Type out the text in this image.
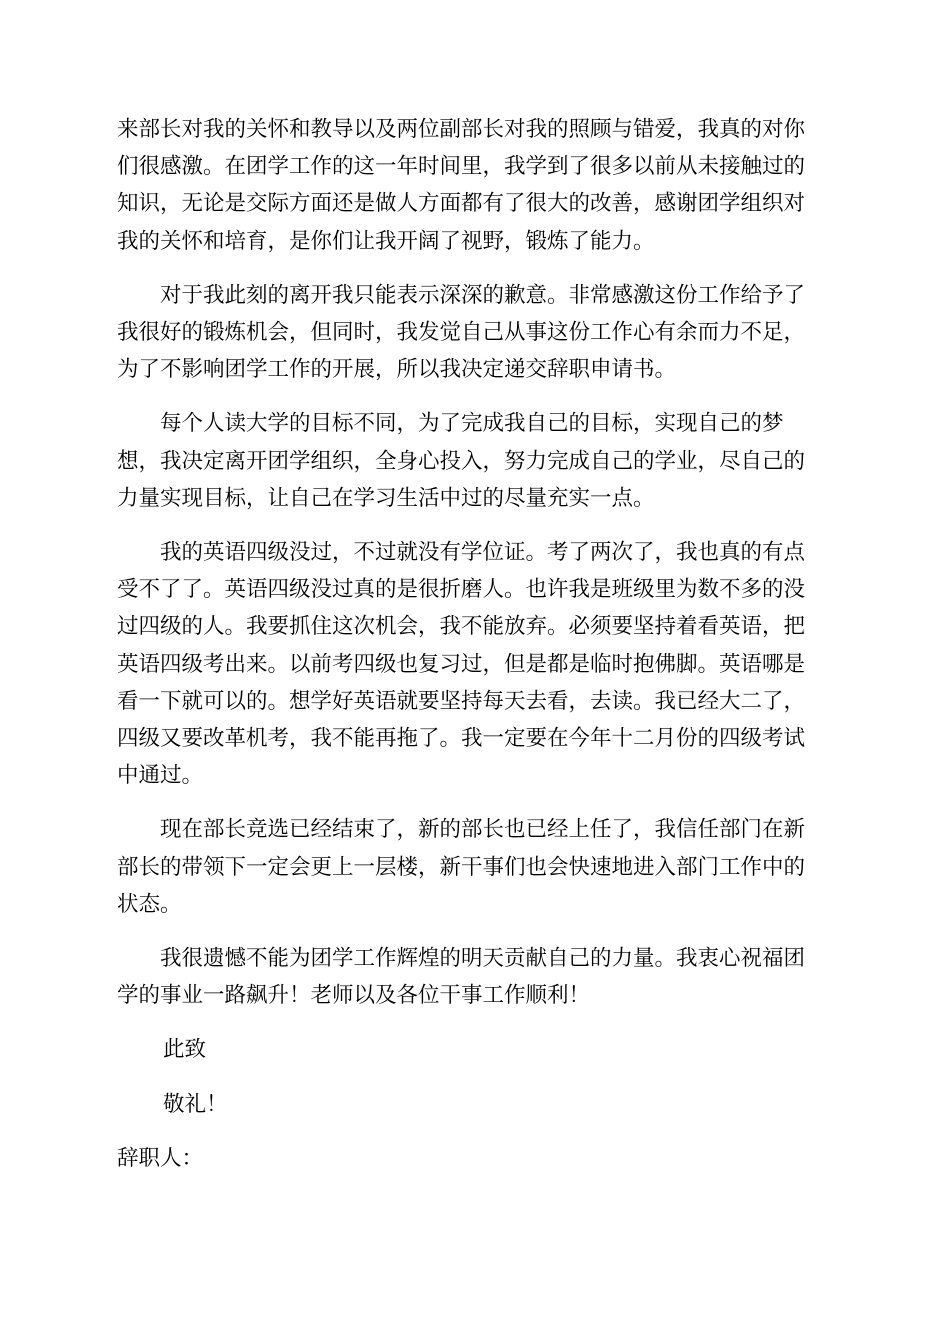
来部长对我的关怀和教导以及两位副部长对我的照顾与错爱，我真的对你
们很感激。在团学工作的这一年时间里，我学到了很多以前从未接触过的
知识，无论是交际方面还是做人方面都有了很大的改善，感谢团学组织对
我的关怀和培育，是你们让我开阔了视野，锻炼了能力。
对于我此刻的离开我只能表示深深的歉意。非常感激这份工作给予了
我很好的锻炼机会，但同时，我发觉自己从事这份工作心有余而力不足，
为了不影响团学工作的开展，所以我决定递交辞职申请书。
每个人读大学的目标不同，为了完成我自己的目标，实现自己的梦
想，我决定离开团学组织，全身心投入，努力完成自己的学业，尽自己的
力量实现目标，让自己在学习生活中过的尽量充实一点。
我的英语四级没过，不过就没有学位证。考了两次了，我也真的有点
受不了了。英语四级没过真的是很折磨人。也许我是班级里为数不多的没
过四级的人。我要抓住这次机会，我不能放弃。必须要坚持着看英语，把
英语四级考出来。以前考四级也复习过，但是都是临时抱佛脚。英语哪是
看一下就可以的。想学好英语就要坚持每天去看，去读。我已经大二了，
四级又要改革机考，我不能再拖了。我一定要在今年十二月份的四级考试
中通过。
现在部长竞选已经结束了，新的部长也已经上任了，我信任部门在新
部长的带领下一定会更上一层楼，新干事们也会快速地进入部门工作中的
状态。
我很遗憾不能为团学工作辉煌的明天贡献自己的力量。我衷心祝福团
学的事业一路飙升！老师以及各位干事工作顺利！
此致
敬礼！
辞职人：
